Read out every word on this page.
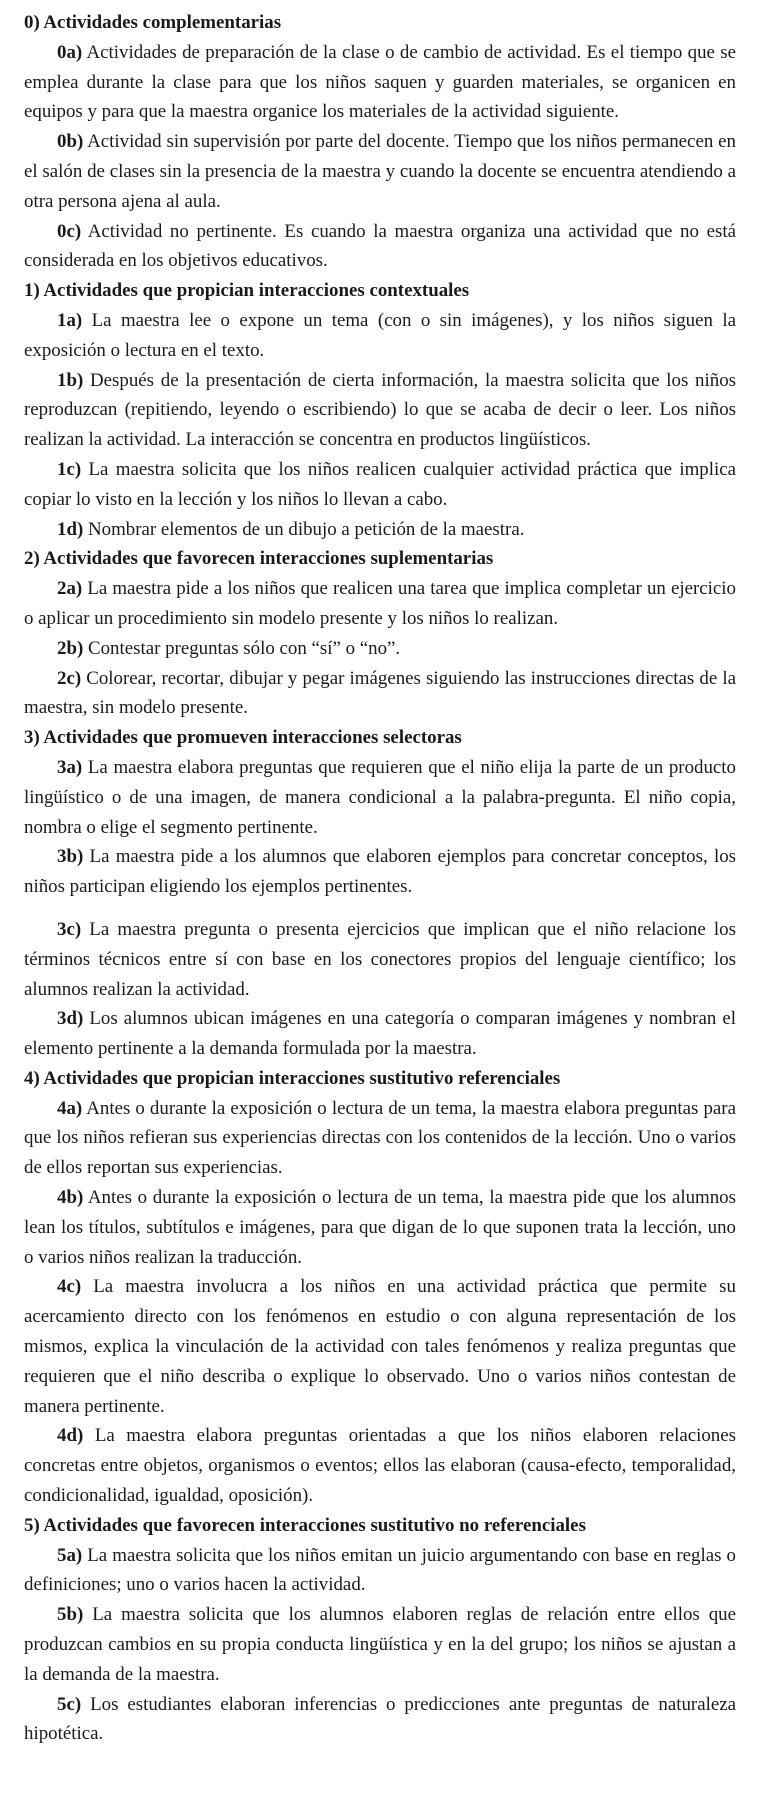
0) Actividades complementarias

0a) Actividades de preparación de la clase o de cambio de actividad. Es el tiempo que se emplea durante la clase para que los niños saquen y guarden materiales, se organicen en equipos y para que la maestra organice los materiales de la actividad siguiente.

0b) Actividad sin supervisión por parte del docente. Tiempo que los niños permanecen en el salón de clases sin la presencia de la maestra y cuando la docente se encuentra atendiendo a otra persona ajena al aula.

0c) Actividad no pertinente. Es cuando la maestra organiza una actividad que no está considerada en los objetivos educativos.

1) Actividades que propician interacciones contextuales

1a) La maestra lee o expone un tema (con o sin imágenes), y los niños siguen la exposición o lectura en el texto.

1b) Después de la presentación de cierta información, la maestra solicita que los niños reproduzcan (repitiendo, leyendo o escribiendo) lo que se acaba de decir o leer. Los niños realizan la actividad. La interacción se concentra en productos lingüísticos.

1c) La maestra solicita que los niños realicen cualquier actividad práctica que implica copiar lo visto en la lección y los niños lo llevan a cabo.

1d) Nombrar elementos de un dibujo a petición de la maestra.

2) Actividades que favorecen interacciones suplementarias

2a) La maestra pide a los niños que realicen una tarea que implica completar un ejercicio o aplicar un procedimiento sin modelo presente y los niños lo realizan.

2b) Contestar preguntas sólo con “sí” o “no”.

2c) Colorear, recortar, dibujar y pegar imágenes siguiendo las instrucciones directas de la maestra, sin modelo presente.

3) Actividades que promueven interacciones selectoras

3a) La maestra elabora preguntas que requieren que el niño elija la parte de un producto lingüístico o de una imagen, de manera condicional a la palabra-pregunta. El niño copia, nombra o elige el segmento pertinente.

3b) La maestra pide a los alumnos que elaboren ejemplos para concretar conceptos, los niños participan eligiendo los ejemplos pertinentes.

3c) La maestra pregunta o presenta ejercicios que implican que el niño relacione los términos técnicos entre sí con base en los conectores propios del lenguaje científico; los alumnos realizan la actividad.

3d) Los alumnos ubican imágenes en una categoría o comparan imágenes y nombran el elemento pertinente a la demanda formulada por la maestra.

4) Actividades que propician interacciones sustitutivo referenciales

4a) Antes o durante la exposición o lectura de un tema, la maestra elabora preguntas para que los niños refieran sus experiencias directas con los contenidos de la lección. Uno o varios de ellos reportan sus experiencias.

4b) Antes o durante la exposición o lectura de un tema, la maestra pide que los alumnos lean los títulos, subtítulos e imágenes, para que digan de lo que suponen trata la lección, uno o varios niños realizan la traducción.

4c) La maestra involucra a los niños en una actividad práctica que permite su acercamiento directo con los fenómenos en estudio o con alguna representación de los mismos, explica la vinculación de la actividad con tales fenómenos y realiza preguntas que requieren que el niño describa o explique lo observado. Uno o varios niños contestan de manera pertinente.

4d) La maestra elabora preguntas orientadas a que los niños elaboren relaciones concretas entre objetos, organismos o eventos; ellos las elaboran (causa-efecto, temporalidad, condicionalidad, igualdad, oposición).

5) Actividades que favorecen interacciones sustitutivo no referenciales

5a) La maestra solicita que los niños emitan un juicio argumentando con base en reglas o definiciones; uno o varios hacen la actividad.

5b) La maestra solicita que los alumnos elaboren reglas de relación entre ellos que produzcan cambios en su propia conducta lingüística y en la del grupo; los niños se ajustan a la demanda de la maestra.

5c) Los estudiantes elaboran inferencias o predicciones ante preguntas de naturaleza hipotética.
